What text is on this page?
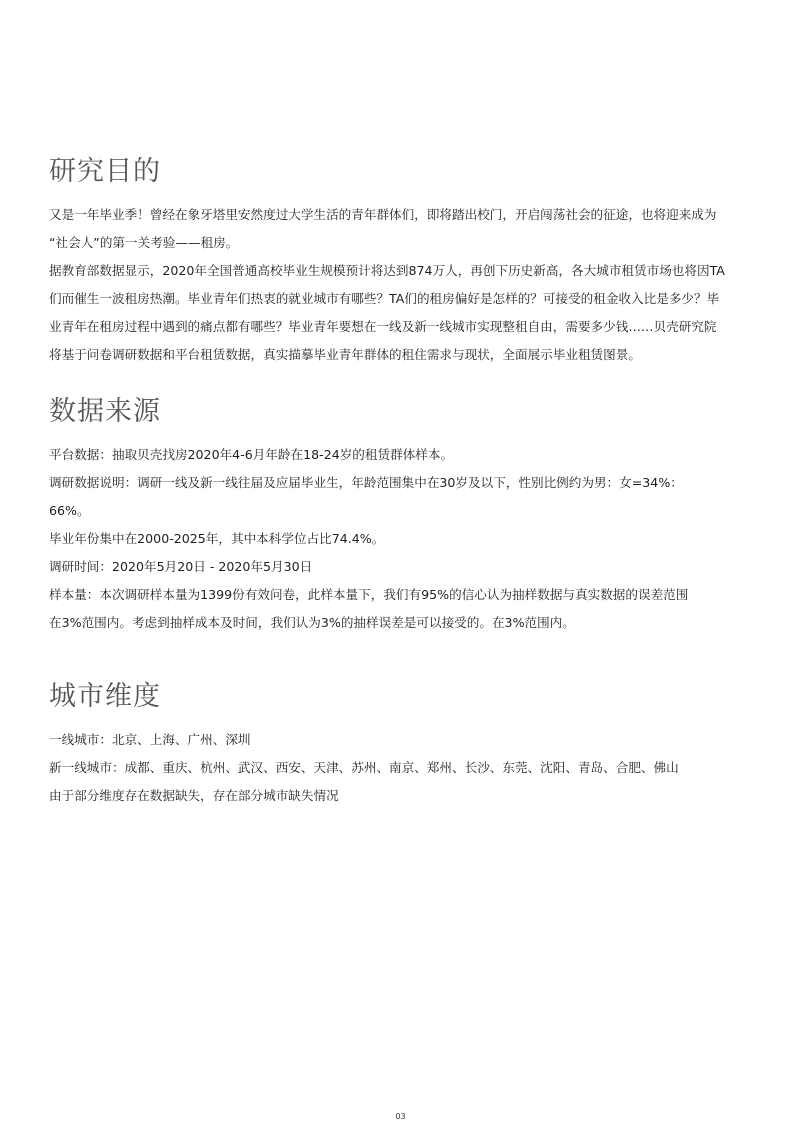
研究目的

又是一年毕业季！曾经在象牙塔里安然度过大学生活的青年群体们，即将踏出校门，开启闯荡社会的征途，也将迎来成为

“社会人”的第一关考验——租房。

据教育部数据显示，2020年全国普通高校毕业生规模预计将达到874万人，再创下历史新高，各大城市租赁市场也将因TA

们而催生一波租房热潮。毕业青年们热衷的就业城市有哪些？TA们的租房偏好是怎样的？可接受的租金收入比是多少？毕

业青年在租房过程中遇到的痛点都有哪些？毕业青年要想在一线及新一线城市实现整租自由，需要多少钱……贝壳研究院

将基于问卷调研数据和平台租赁数据，真实描摹毕业青年群体的租住需求与现状，全面展示毕业租赁图景。

数据来源

平台数据：抽取贝壳找房2020年4-6月年龄在18-24岁的租赁群体样本。

调研数据说明：调研一线及新一线往届及应届毕业生，年龄范围集中在30岁及以下，性别比例约为男：女=34%：

66%。

毕业年份集中在2000-2025年，其中本科学位占比74.4%。

调研时间：2020年5月20日 - 2020年5月30日

样本量：本次调研样本量为1399份有效问卷，此样本量下，我们有95%的信心认为抽样数据与真实数据的误差范围

在3%范围内。考虑到抽样成本及时间，我们认为3%的抽样误差是可以接受的。在3%范围内。

城市维度

一线城市：北京、上海、广州、深圳

新一线城市：成都、重庆、杭州、武汉、西安、天津、苏州、南京、郑州、长沙、东莞、沈阳、青岛、合肥、佛山

由于部分维度存在数据缺失，存在部分城市缺失情况

03
